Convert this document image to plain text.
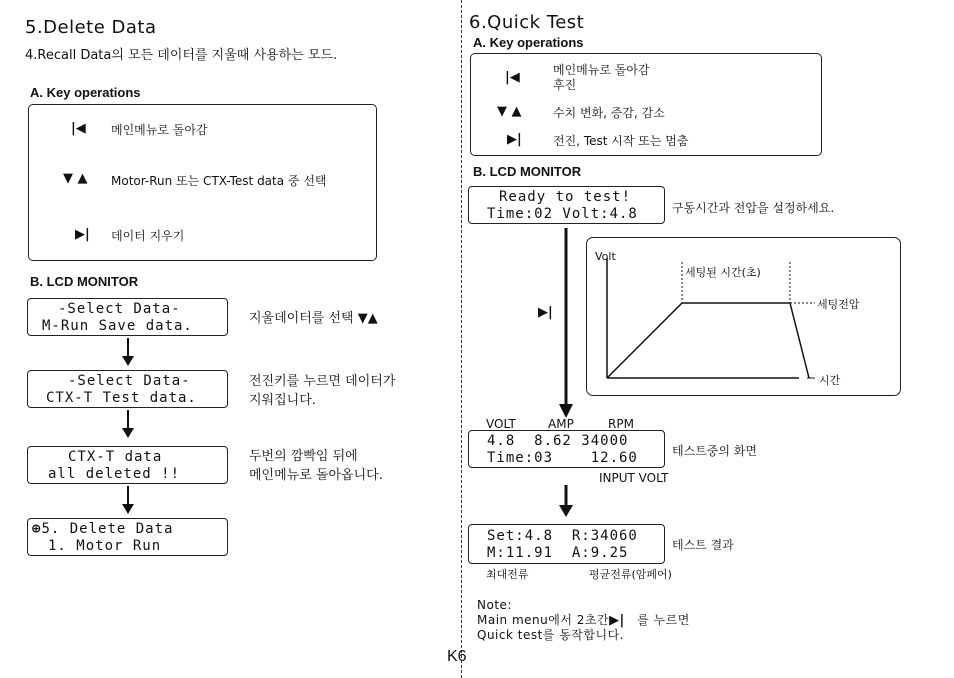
5.Delete Data
4.Recall Data의 모든 데이터를 지울때 사용하는 모드.
A. Key operations
|◀ 메인메뉴로 돌아감
▼ ▲ Motor-Run 또는 CTX-Test data 중 선택
▶| 데이터 지우기
B. LCD MONITOR
-Select Data-
M-Run Save data.	지울데이터를 선택 ▼▲
-Select Data-
CTX-T Test data.
전진키를 누르면 데이터가
지워집니다.
CTX-T data
all deleted !!
두번의 깜빡임 뒤에
메인메뉴로 돌아옵니다.
⊕5. Delete Data
1. Motor Run
6.Quick Test
A. Key operations
|◀	메인메뉴로 돌아감
후진
▼ ▲	수치 변화, 증감, 감소
▶|	전진, Test 시작 또는 멈춤
B. LCD MONITOR
Ready to test!
Time:02 Volt:4.8	구동시간과 전압을 설정하세요.
▶|
Volt
세팅된 시간(초)
세팅전압
시간
VOLT	AMP	RPM
4.8  8.62 34000
Time:03    12.60	테스트중의 화면
INPUT VOLT
Set:4.8  R:34060
M:11.91  A:9.25	테스트 결과
최대전류	평균전류(암페어)
Note:
Main menu에서 2초간▶| 를 누르면
Quick test를 동작합니다.
K6
